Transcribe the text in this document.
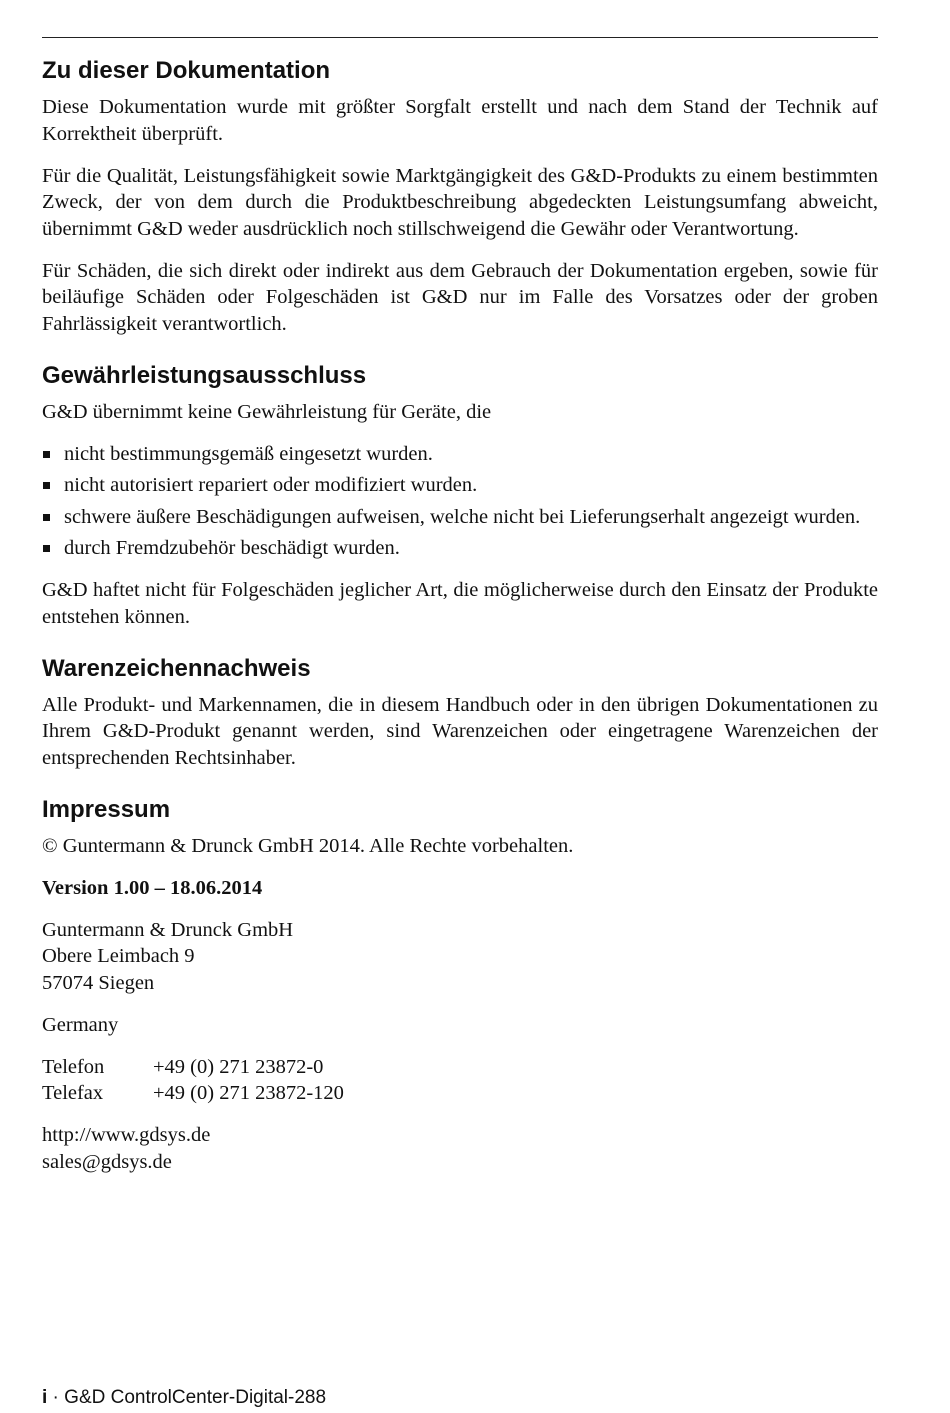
Zu dieser Dokumentation

Diese Dokumentation wurde mit größter Sorgfalt erstellt und nach dem Stand der Technik auf Korrektheit überprüft.

Für die Qualität, Leistungsfähigkeit sowie Marktgängigkeit des G&D-Produkts zu einem bestimmten Zweck, der von dem durch die Produktbeschreibung abgedeckten Leistungsumfang abweicht, übernimmt G&D weder ausdrücklich noch stillschweigend die Gewähr oder Verantwortung.

Für Schäden, die sich direkt oder indirekt aus dem Gebrauch der Dokumentation ergeben, sowie für beiläufige Schäden oder Folgeschäden ist G&D nur im Falle des Vorsatzes oder der groben Fahrlässigkeit verantwortlich.

Gewährleistungsausschluss

G&D übernimmt keine Gewährleistung für Geräte, die

nicht bestimmungsgemäß eingesetzt wurden.
nicht autorisiert repariert oder modifiziert wurden.
schwere äußere Beschädigungen aufweisen, welche nicht bei Lieferungserhalt angezeigt wurden.
durch Fremdzubehör beschädigt wurden.

G&D haftet nicht für Folgeschäden jeglicher Art, die möglicherweise durch den Einsatz der Produkte entstehen können.

Warenzeichennachweis

Alle Produkt- und Markennamen, die in diesem Handbuch oder in den übrigen Dokumentationen zu Ihrem G&D-Produkt genannt werden, sind Warenzeichen oder eingetragene Warenzeichen der entsprechenden Rechtsinhaber.

Impressum

© Guntermann & Drunck GmbH 2014. Alle Rechte vorbehalten.

Version 1.00 – 18.06.2014

Guntermann & Drunck GmbH
Obere Leimbach 9
57074 Siegen

Germany

Telefon	+49 (0) 271 23872-0
Telefax	+49 (0) 271 23872-120

http://www.gdsys.de
sales@gdsys.de

i · G&D ControlCenter-Digital-288
